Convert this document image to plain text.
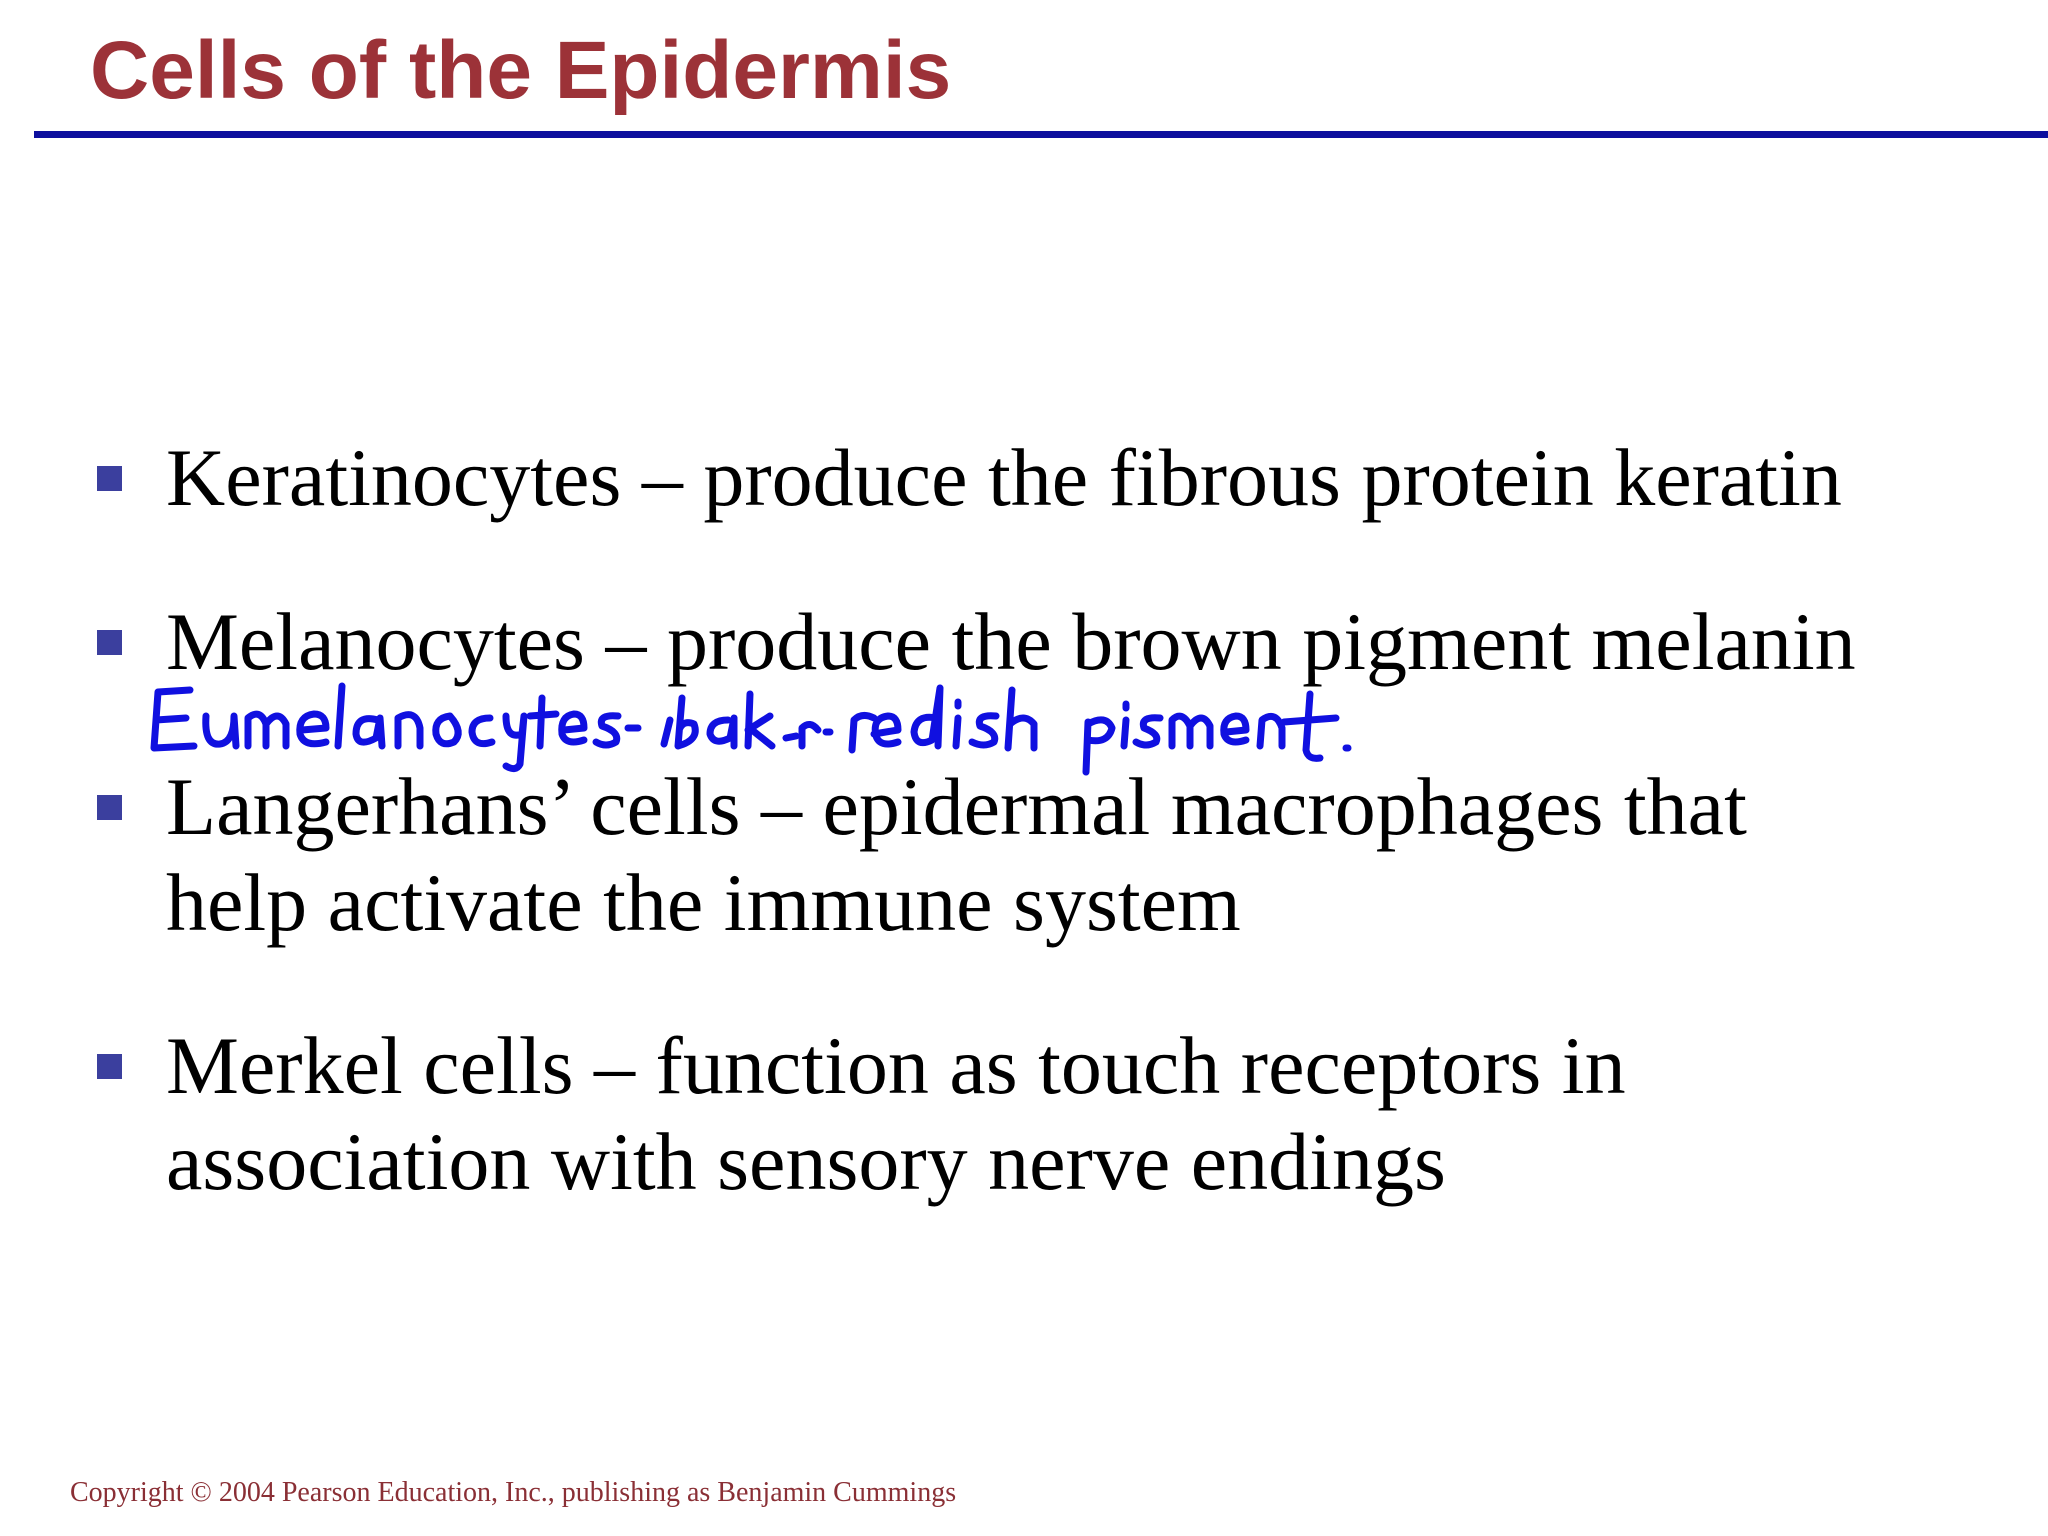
Cells of the Epidermis

Keratinocytes – produce the fibrous protein keratin

Melanocytes – produce the brown pigment melanin

Langerhans’ cells – epidermal macrophages that
help activate the immune system

Merkel cells – function as touch receptors in
association with sensory nerve endings

Copyright © 2004 Pearson Education, Inc., publishing as Benjamin Cummings
